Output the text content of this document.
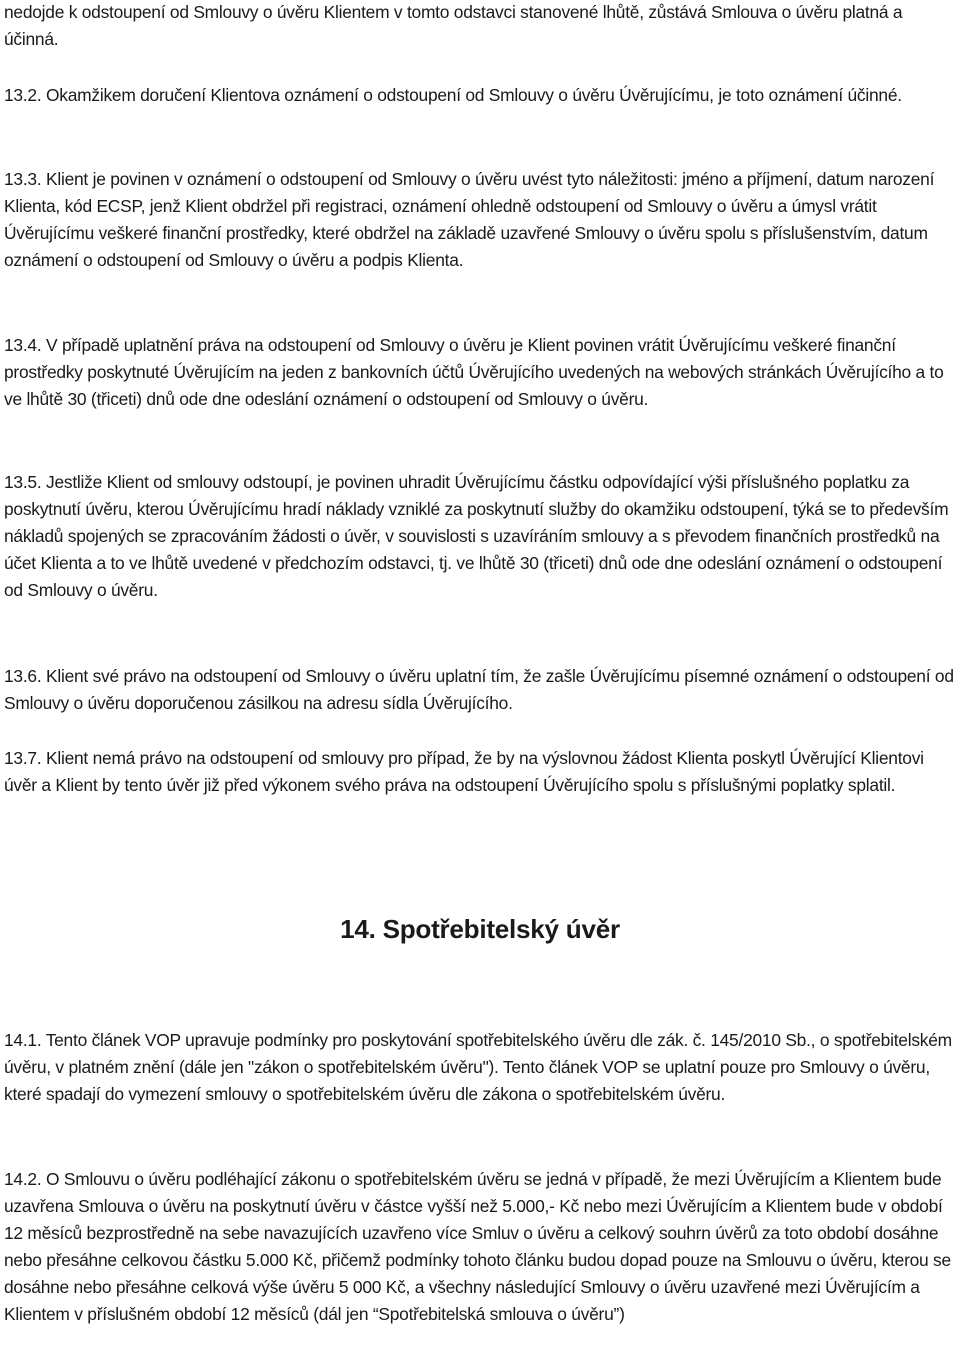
nedojde k odstoupení od Smlouvy o úvěru Klientem v tomto odstavci stanovené lhůtě, zůstává Smlouva o úvěru platná a účinná.

13.2. Okamžikem doručení Klientova oznámení o odstoupení od Smlouvy o úvěru Úvěrujícímu, je toto oznámení účinné.

13.3. Klient je povinen v oznámení o odstoupení od Smlouvy o úvěru uvést tyto náležitosti: jméno a příjmení, datum narození Klienta, kód ECSP, jenž Klient obdržel při registraci, oznámení ohledně odstoupení od Smlouvy o úvěru a úmysl vrátit Úvěrujícímu veškeré finanční prostředky, které obdržel na základě uzavřené Smlouvy o úvěru spolu s příslušenstvím, datum oznámení o odstoupení od Smlouvy o úvěru a podpis Klienta.

13.4. V případě uplatnění práva na odstoupení od Smlouvy o úvěru je Klient povinen vrátit Úvěrujícímu veškeré finanční prostředky poskytnuté Úvěrujícím na jeden z bankovních účtů Úvěrujícího uvedených na webových stránkách Úvěrujícího a to ve lhůtě 30 (třiceti) dnů ode dne odeslání oznámení o odstoupení od Smlouvy o úvěru.

13.5. Jestliže Klient od smlouvy odstoupí, je povinen uhradit Úvěrujícímu částku odpovídající výši příslušného poplatku za poskytnutí úvěru, kterou Úvěrujícímu hradí náklady vzniklé za poskytnutí služby do okamžiku odstoupení, týká se to především nákladů spojených se zpracováním žádosti o úvěr, v souvislosti s uzavíráním smlouvy a s převodem finančních prostředků na účet Klienta a to ve lhůtě uvedené v předchozím odstavci, tj. ve lhůtě 30 (třiceti) dnů ode dne odeslání oznámení o odstoupení od Smlouvy o úvěru.

13.6. Klient své právo na odstoupení od Smlouvy o úvěru uplatní tím, že zašle Úvěrujícímu písemné oznámení o odstoupení od Smlouvy o úvěru doporučenou zásilkou na adresu sídla Úvěrujícího.

13.7. Klient nemá právo na odstoupení od smlouvy pro případ, že by na výslovnou žádost Klienta poskytl Úvěrující Klientovi úvěr a Klient by tento úvěr již před výkonem svého práva na odstoupení Úvěrujícího spolu s příslušnými poplatky splatil.

14. Spotřebitelský úvěr

14.1. Tento článek VOP upravuje podmínky pro poskytování spotřebitelského úvěru dle zák. č. 145/2010 Sb., o spotřebitelském úvěru, v platném znění (dále jen "zákon o spotřebitelském úvěru"). Tento článek VOP se uplatní pouze pro Smlouvy o úvěru, které spadají do vymezení smlouvy o spotřebitelském úvěru dle zákona o spotřebitelském úvěru.

14.2. O Smlouvu o úvěru podléhající zákonu o spotřebitelském úvěru se jedná v případě, že mezi Úvěrujícím a Klientem bude uzavřena Smlouva o úvěru na poskytnutí úvěru v částce vyšší než 5.000,- Kč nebo mezi Úvěrujícím a Klientem bude v období 12 měsíců bezprostředně na sebe navazujících uzavřeno více Smluv o úvěru a celkový souhrn úvěrů za toto období dosáhne nebo přesáhne celkovou částku 5.000 Kč, přičemž podmínky tohoto článku budou dopad pouze na Smlouvu o úvěru, kterou se dosáhne nebo přesáhne celková výše úvěru 5 000 Kč, a všechny následující Smlouvy o úvěru uzavřené mezi Úvěrujícím a Klientem v příslušném období 12 měsíců (dál jen “Spotřebitelská smlouva o úvěru”)
